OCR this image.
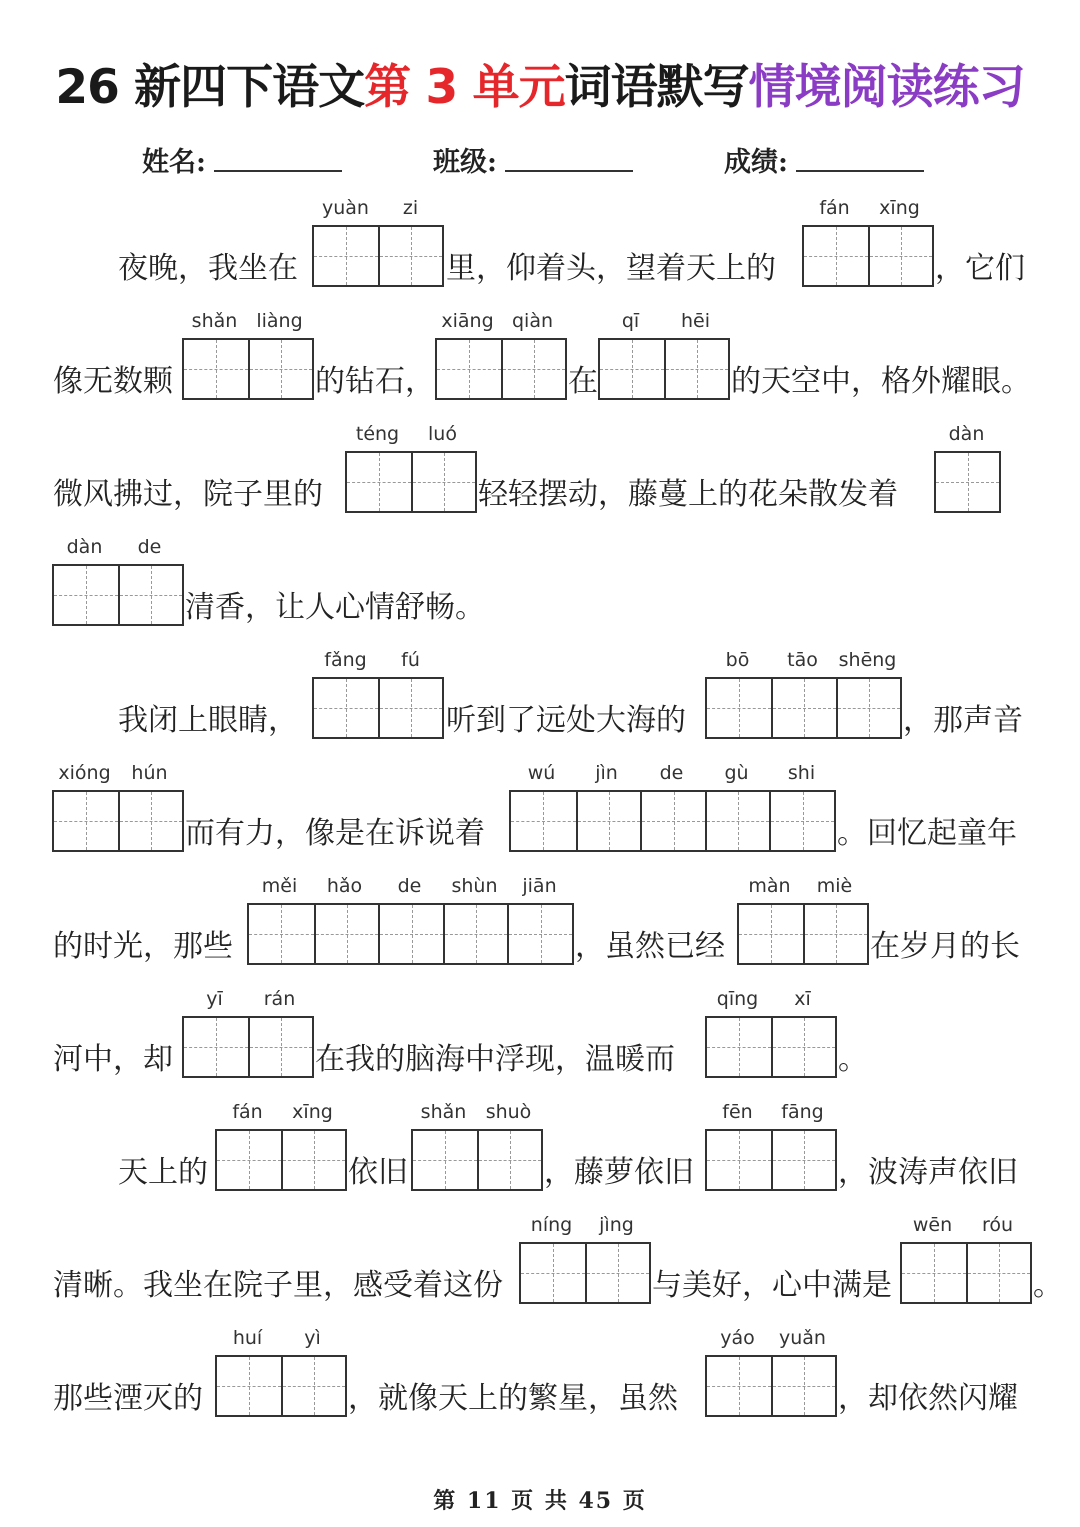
26 新四下语文第 3 单元词语默写情境阅读练习
姓名:	班级:	成绩:
yuàn	zi	fán	xīng
夜晚，我坐在	里，仰着头，望着天上的	，它们
shǎn	liàng	xiāng qiàn	qī	hēi
像无数颗	的钻石，	在	的天空中，格外耀眼。
téng	luó	dàn
微风拂过，院子里的	轻轻摆动，藤蔓上的花朵散发着
dàn	de
清香，让人心情舒畅。
fǎng	fú	bō	tāo	shēng
我闭上眼睛，	听到了远处大海的	，那声音
xióng	hún	wú	jìn	de	gù	shi
而有力，像是在诉说着	。回忆起童年
měi	hǎo	de	shùn	jiān	màn	miè
的时光，那些	，虽然已经	在岁月的长
yī	rán	qīng	xī
河中，却	在我的脑海中浮现，温暖而	。
fán	xīng	shǎn	shuò	fēn	fāng
天上的	依旧	，藤萝依旧	，波涛声依旧
níng	jìng	wēn	róu
清晰。我坐在院子里，感受着这份	与美好，心中满是	。
huí	yì	yáo	yuǎn
那些湮灭的	，就像天上的繁星，虽然	，却依然闪耀
第 11 页 共 45 页
